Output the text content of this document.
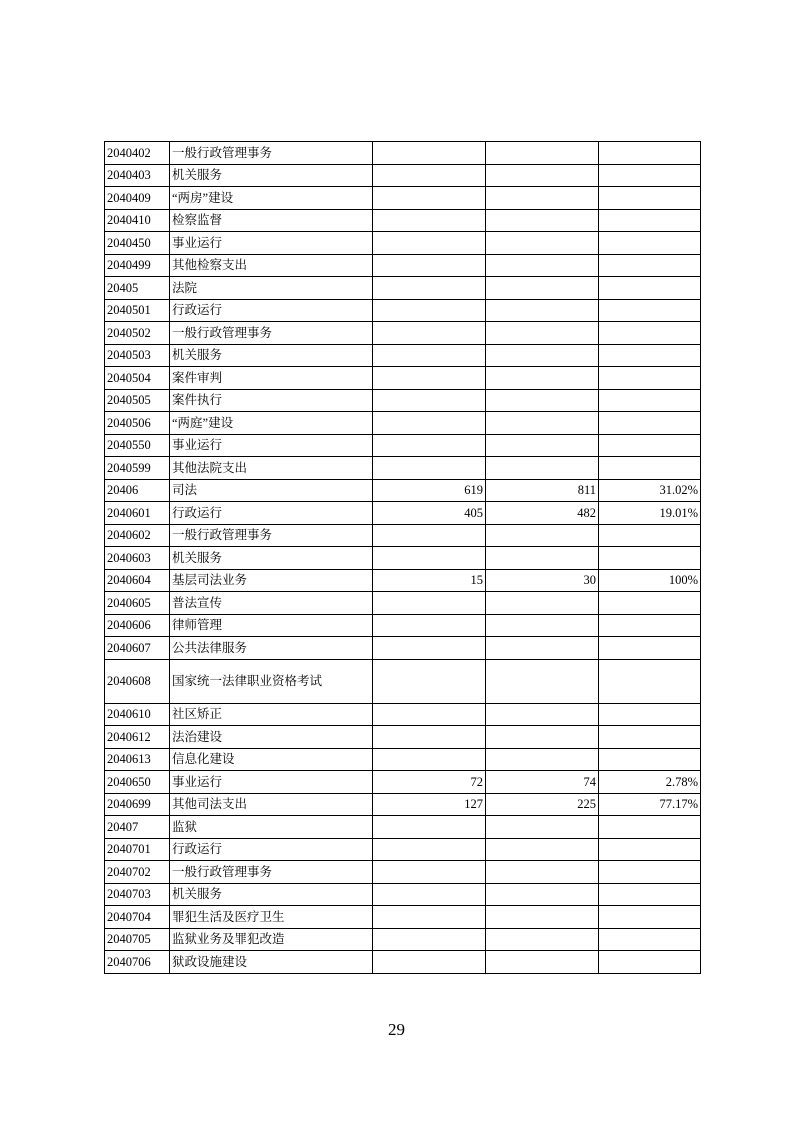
2040402	一般行政管理事务			
2040403	机关服务			
2040409	“两房”建设			
2040410	检察监督			
2040450	事业运行			
2040499	其他检察支出			
20405	法院			
2040501	行政运行			
2040502	一般行政管理事务			
2040503	机关服务			
2040504	案件审判			
2040505	案件执行			
2040506	“两庭”建设			
2040550	事业运行			
2040599	其他法院支出			
20406	司法	619	811	31.02%
2040601	行政运行	405	482	19.01%
2040602	一般行政管理事务			
2040603	机关服务			
2040604	基层司法业务	15	30	100%
2040605	普法宣传			
2040606	律师管理			
2040607	公共法律服务			
2040608	国家统一法律职业资格考试			
2040610	社区矫正			
2040612	法治建设			
2040613	信息化建设			
2040650	事业运行	72	74	2.78%
2040699	其他司法支出	127	225	77.17%
20407	监狱			
2040701	行政运行			
2040702	一般行政管理事务			
2040703	机关服务			
2040704	罪犯生活及医疗卫生			
2040705	监狱业务及罪犯改造			
2040706	狱政设施建设			
29
